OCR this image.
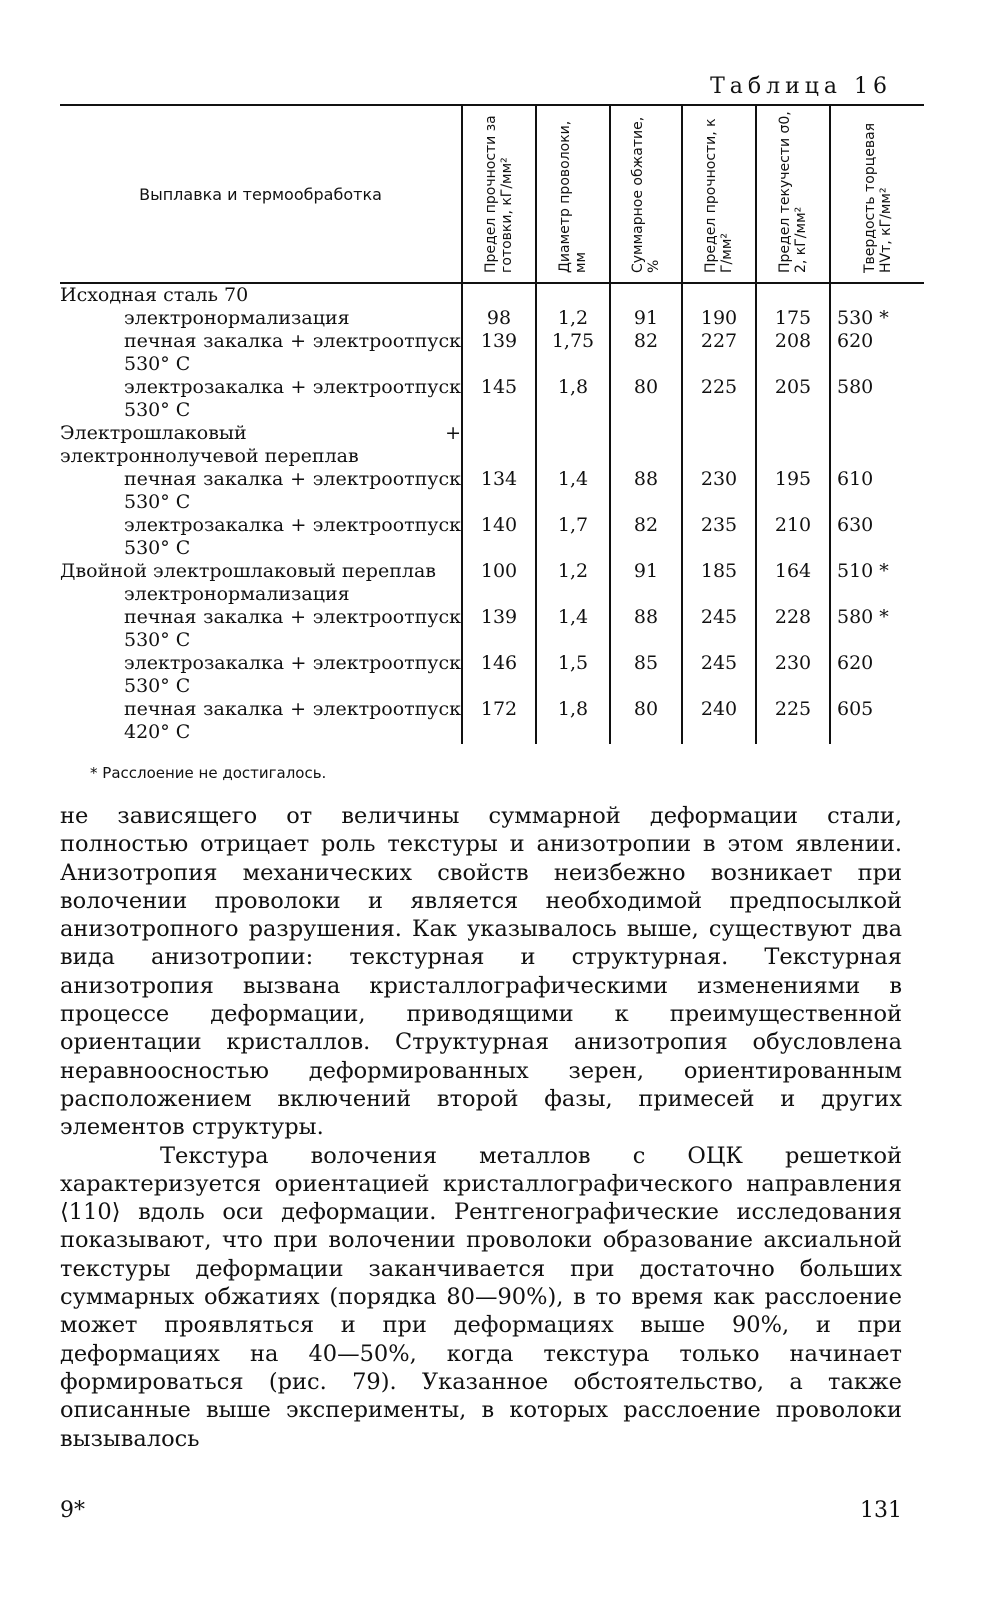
Таблица 16
Выплавка и термообработка	Предел прочности заготовки, кГ/мм²	Диаметр проволоки, мм	Суммарное обжатие, %	Предел прочности, кГ/мм²	Предел текучести σ0,2, кГ/мм²	Твердость торцевая HVт, кГ/мм²

Исходная сталь 70						

электронормализация	98	1,2	91	190	175	530 *

печная закалка + электроотпуск 530° С	139	1,75	82	227	208	620

электрозакалка + электроотпуск 530° С	145	1,8	80	225	205	580

Электрошлаковый + электроннолучевой переплав						

печная закалка + электроотпуск 530° С	134	1,4	88	230	195	610

электрозакалка + электроотпуск 530° С	140	1,7	82	235	210	630

Двойной электрошлаковый переплав	100	1,2	91	185	164	510 *

электронормализация						

печная закалка + электроотпуск 530° С	139	1,4	88	245	228	580 *

электрозакалка + электроотпуск 530° С	146	1,5	85	245	230	620

печная закалка + электроотпуск 420° С	172	1,8	80	240	225	605
* Расслоение не достигалось.

не зависящего от величины суммарной деформации стали, полностью отрицает роль текстуры и анизотропии в этом явлении. Анизотропия механических свойств неизбежно возникает при волочении проволоки и является необходимой предпосылкой анизотропного разрушения. Как указывалось выше, существуют два вида анизотропии: текстурная и структурная. Текстурная анизотропия вызвана кристаллографическими изменениями в процессе деформации, приводящими к преимущественной ориентации кристаллов. Структурная анизотропия обусловлена неравноосностью деформированных зерен, ориентированным расположением включений второй фазы, примесей и других элементов структуры.

Текстура волочения металлов с ОЦК решеткой характеризуется ориентацией кристаллографического направления ⟨110⟩ вдоль оси деформации. Рентгенографические исследования показывают, что при волочении проволоки образование аксиальной текстуры деформации заканчивается при достаточно больших суммарных обжатиях (порядка 80—90%), в то время как расслоение может проявляться и при деформациях выше 90%, и при деформациях на 40—50%, когда текстура только начинает формироваться (рис. 79). Указанное обстоятельство, а также описанные выше эксперименты, в которых расслоение проволоки вызывалось

9*	131
